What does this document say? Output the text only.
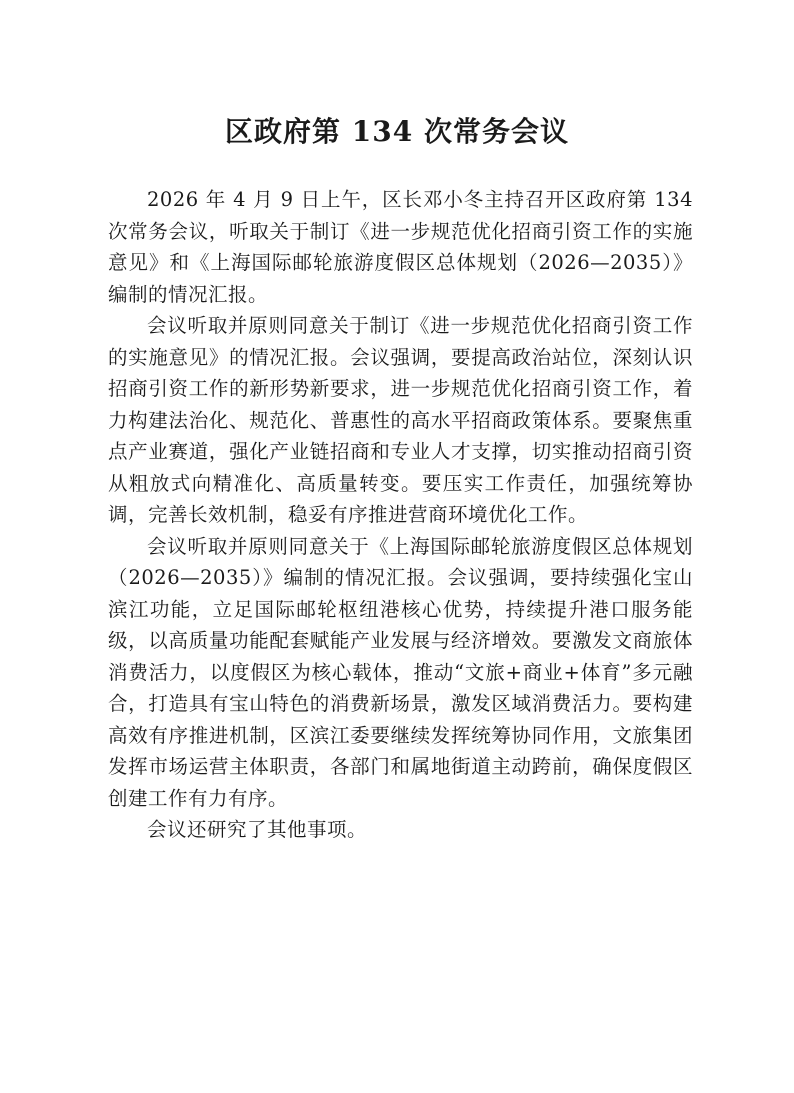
区政府第 134 次常务会议

2026 年 4 月 9 日上午，区长邓小冬主持召开区政府第 134 次常务会议，听取关于制订《进一步规范优化招商引资工作的实施意见》和《上海国际邮轮旅游度假区总体规划（2026—2035）》编制的情况汇报。

会议听取并原则同意关于制订《进一步规范优化招商引资工作的实施意见》的情况汇报。会议强调，要提高政治站位，深刻认识招商引资工作的新形势新要求，进一步规范优化招商引资工作，着力构建法治化、规范化、普惠性的高水平招商政策体系。要聚焦重点产业赛道，强化产业链招商和专业人才支撑，切实推动招商引资从粗放式向精准化、高质量转变。要压实工作责任，加强统筹协调，完善长效机制，稳妥有序推进营商环境优化工作。

会议听取并原则同意关于《上海国际邮轮旅游度假区总体规划（2026—2035）》编制的情况汇报。会议强调，要持续强化宝山滨江功能，立足国际邮轮枢纽港核心优势，持续提升港口服务能级，以高质量功能配套赋能产业发展与经济增效。要激发文商旅体消费活力，以度假区为核心载体，推动“文旅+商业+体育”多元融合，打造具有宝山特色的消费新场景，激发区域消费活力。要构建高效有序推进机制，区滨江委要继续发挥统筹协同作用，文旅集团发挥市场运营主体职责，各部门和属地街道主动跨前，确保度假区创建工作有力有序。

会议还研究了其他事项。
